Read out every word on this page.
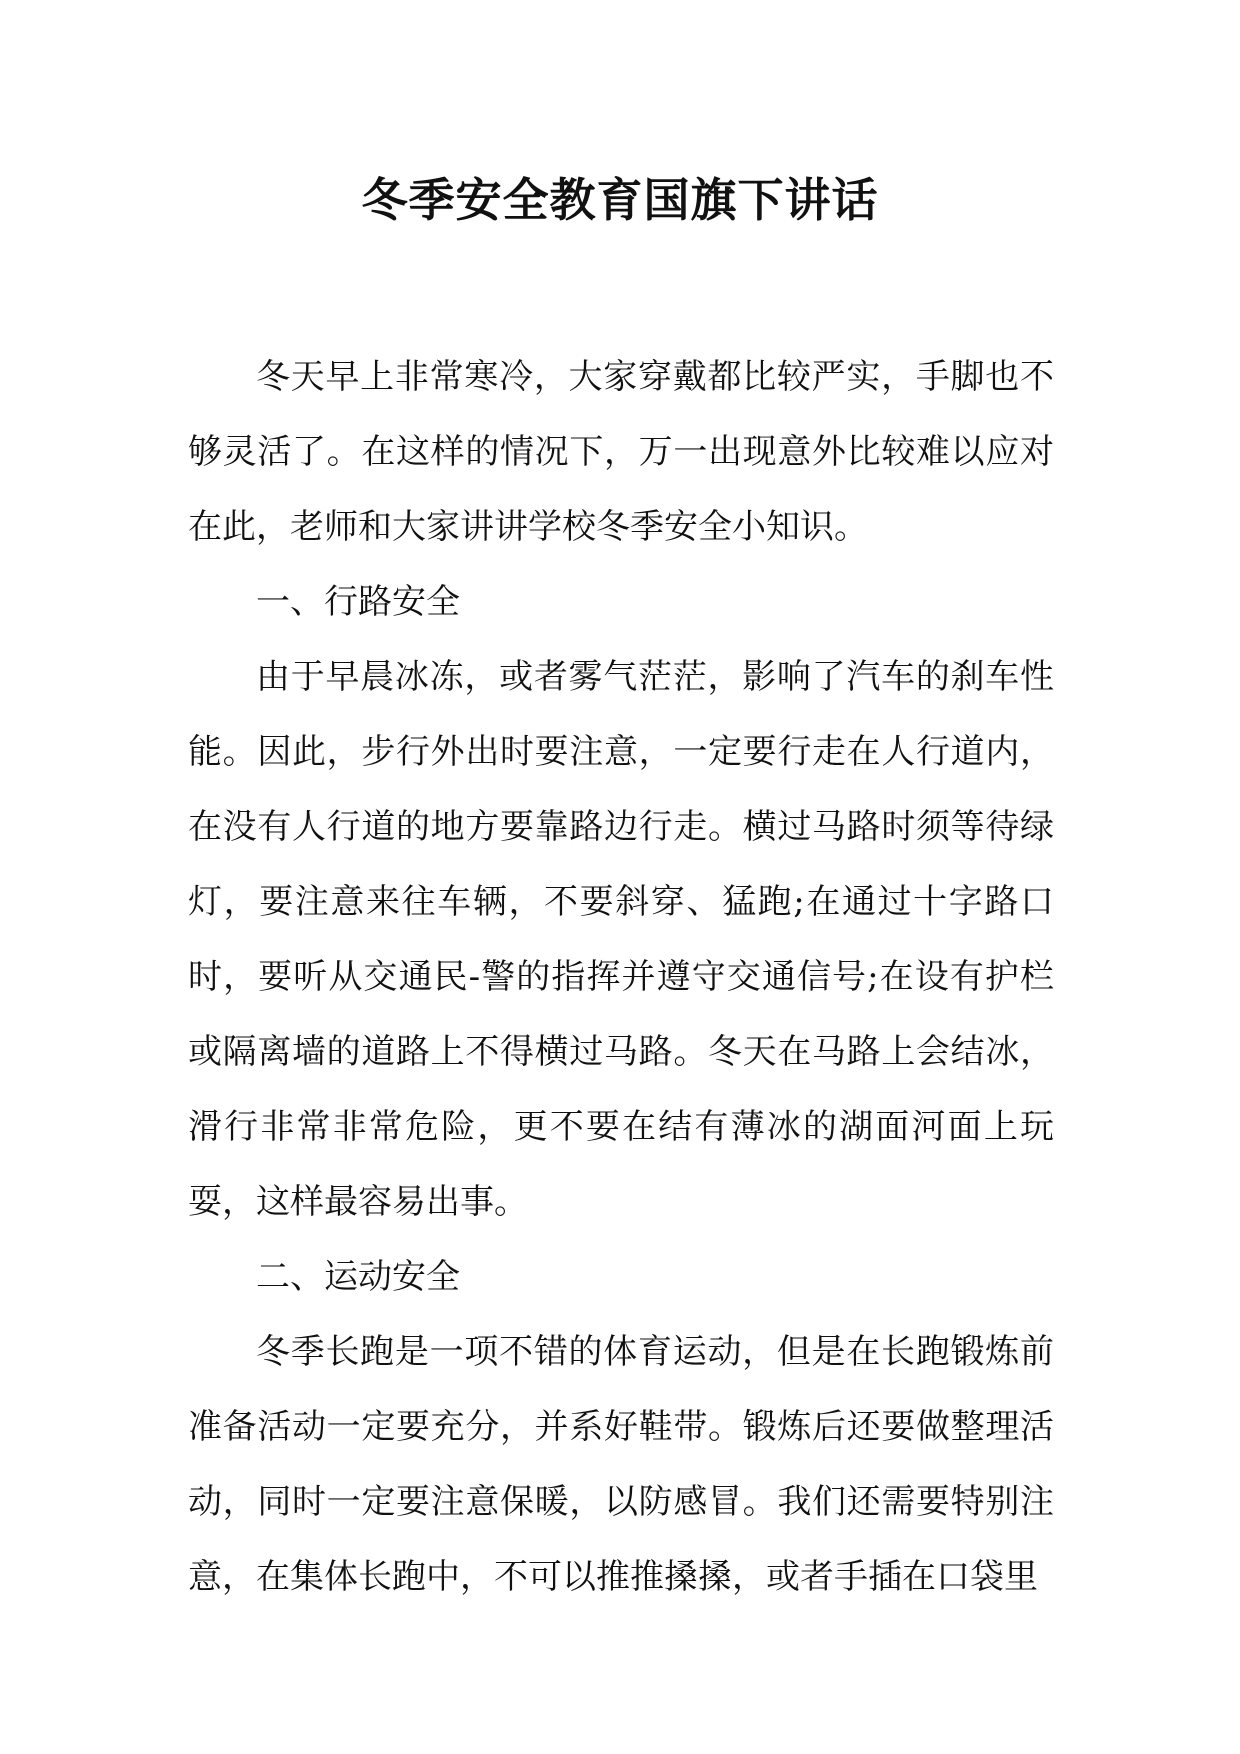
冬季安全教育国旗下讲话

冬天早上非常寒冷，大家穿戴都比较严实，手脚也不够灵活了。在这样的情况下，万一出现意外比较难以应对在此，老师和大家讲讲学校冬季安全小知识。

一、行路安全

由于早晨冰冻，或者雾气茫茫，影响了汽车的刹车性能。因此，步行外出时要注意，一定要行走在人行道内，在没有人行道的地方要靠路边行走。横过马路时须等待绿灯，要注意来往车辆，不要斜穿、猛跑;在通过十字路口时，要听从交通民-警的指挥并遵守交通信号;在设有护栏或隔离墙的道路上不得横过马路。冬天在马路上会结冰，滑行非常非常危险，更不要在结有薄冰的湖面河面上玩耍，这样最容易出事。

二、运动安全

冬季长跑是一项不错的体育运动，但是在长跑锻炼前准备活动一定要充分，并系好鞋带。锻炼后还要做整理活动，同时一定要注意保暖，以防感冒。我们还需要特别注意，在集体长跑中，不可以推推搡搡，或者手插在口袋里
